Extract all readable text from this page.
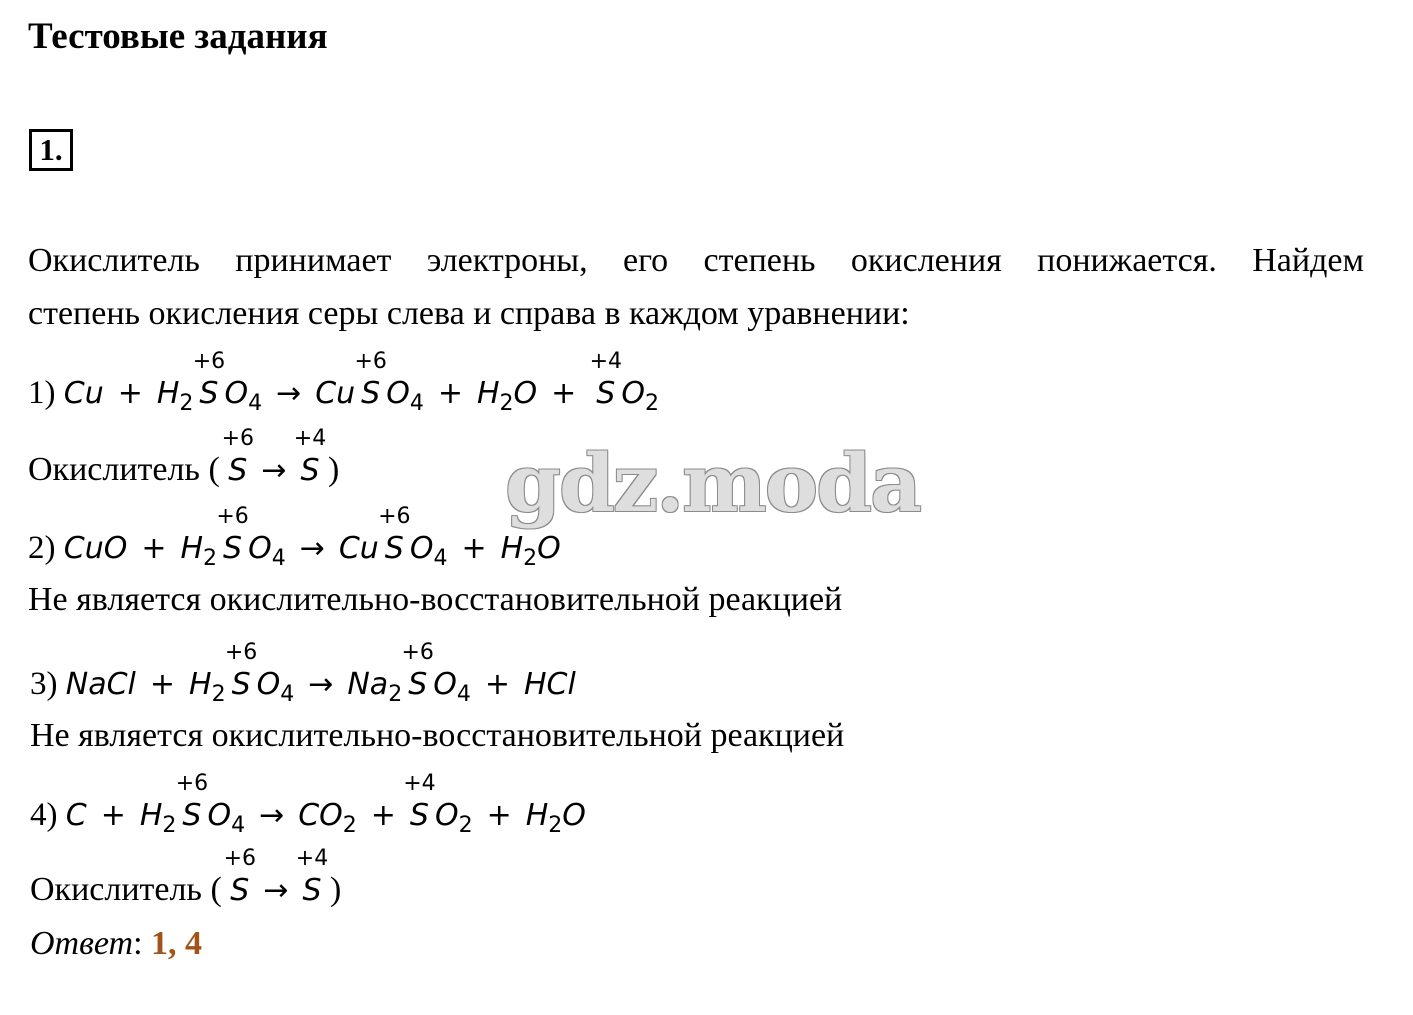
Тестовые задания
1.
Окислитель принимает электроны, его степень окисления понижается. Найдем
степень окисления серы слева и справа в каждом уравнении:
1) $Cu + H_2$  S
+6
 $O_4 \to Cu$ S
+6
 $O_4 + H_2O + S$
+4
 $O_2$
Окислитель ( S
+6
→ S
+4
)
2) CuO + $H_2$  S
+6
 $O_4 \to Cu$ S
+6
 $O_4 + H_2O$
Не является окислительно-восстановительной реакцией
3) NaCl + $H_2$  S
+6
 $O_4 \to Na_2$  S
+6
 $O_4$ + HCl
Не является окислительно-восстановительной реакцией
4) $C + H_2$  S
+6
 $O_4 \to CO_2 + S$
+4
 $O_2 + H_2O$
Окислитель ( S
+6
→ S
+4
)
Ответ: 1, 4
gdz.moda
